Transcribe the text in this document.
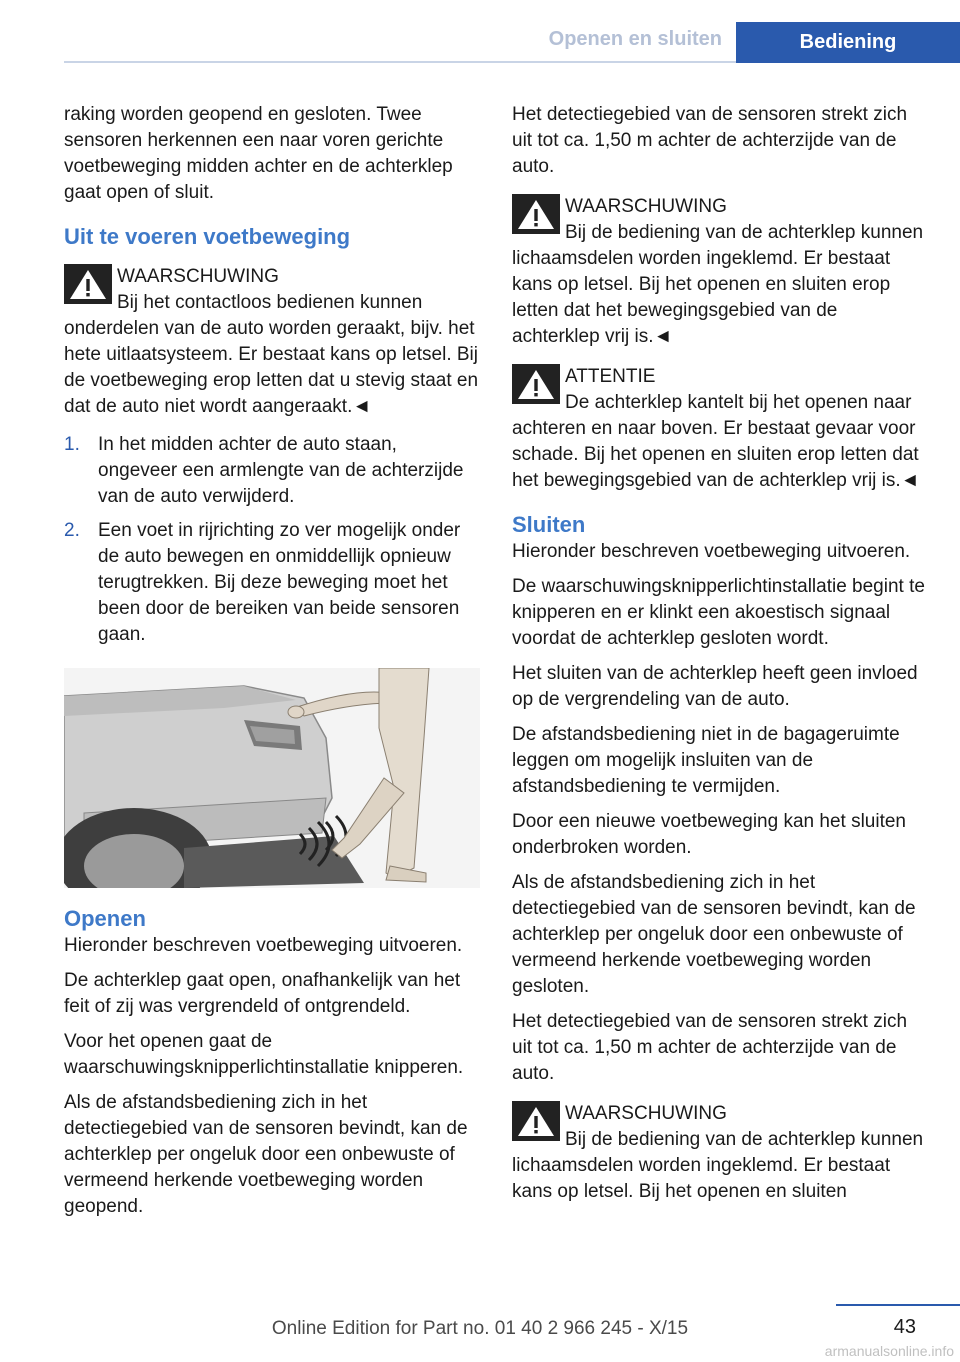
Openen en sluiten	Bediening

raking worden geopend en gesloten. Twee sensoren herkennen een naar voren gerichte voetbeweging midden achter en de achterklep gaat open of sluit.

Uit te voeren voetbeweging
WAARSCHUWING
Bij het contactloos bedienen kunnen onderdelen van de auto worden geraakt, bijv. het hete uitlaatsysteem. Er bestaat kans op letsel. Bij de voetbeweging erop letten dat u stevig staat en dat de auto niet wordt aangeraakt.◄
1. In het midden achter de auto staan, ongeveer een armlengte van de achterzijde van de auto verwijderd.
2. Een voet in rijrichting zo ver mogelijk onder de auto bewegen en onmiddellijk opnieuw terugtrekken. Bij deze beweging moet het been door de bereiken van beide sensoren gaan.
Openen

Hieronder beschreven voetbeweging uitvoeren.

De achterklep gaat open, onafhankelijk van het feit of zij was vergrendeld of ontgrendeld.

Voor het openen gaat de waarschuwingsknipperlichtinstallatie knipperen.

Als de afstandsbediening zich in het detectiegebied van de sensoren bevindt, kan de achterklep per ongeluk door een onbewuste of vermeend herkende voetbeweging worden geopend.

Het detectiegebied van de sensoren strekt zich uit tot ca. 1,50 m achter de achterzijde van de auto.

WAARSCHUWING
Bij de bediening van de achterklep kunnen lichaamsdelen worden ingeklemd. Er bestaat kans op letsel. Bij het openen en sluiten erop letten dat het bewegingsgebied van de achterklep vrij is.◄
ATTENTIE
De achterklep kantelt bij het openen naar achteren en naar boven. Er bestaat gevaar voor schade. Bij het openen en sluiten erop letten dat het bewegingsgebied van de achterklep vrij is.◄
Sluiten

Hieronder beschreven voetbeweging uitvoeren.

De waarschuwingsknipperlichtinstallatie begint te knipperen en er klinkt een akoestisch signaal voordat de achterklep gesloten wordt.

Het sluiten van de achterklep heeft geen invloed op de vergrendeling van de auto.

De afstandsbediening niet in de bagageruimte leggen om mogelijk insluiten van de afstandsbediening te vermijden.

Door een nieuwe voetbeweging kan het sluiten onderbroken worden.

Als de afstandsbediening zich in het detectiegebied van de sensoren bevindt, kan de achterklep per ongeluk door een onbewuste of vermeend herkende voetbeweging worden gesloten.

Het detectiegebied van de sensoren strekt zich uit tot ca. 1,50 m achter de achterzijde van de auto.

WAARSCHUWING
Bij de bediening van de achterklep kunnen lichaamsdelen worden ingeklemd. Er bestaat kans op letsel. Bij het openen en sluiten
43
Online Edition for Part no. 01 40 2 966 245 - X/15
armanualsonline.info
